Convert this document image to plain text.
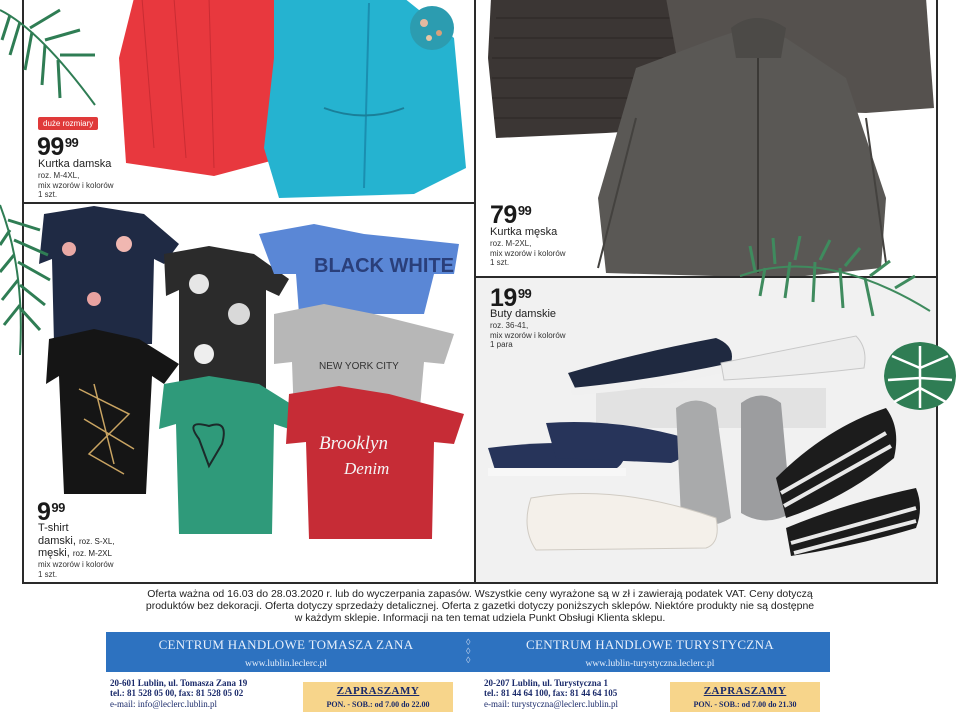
duże rozmiary
$99^{99}$
Kurtka damska
roz. M-4XL,
mix wzorów i kolorów
1 szt.
$79^{99}$
Kurtka męska
roz. M-2XL,
mix wzorów i kolorów
1 szt.
BLACK WHITE
NEW YORK CITY
Brooklyn
Denim
$9^{99}$
T-shirt
damski, roz. S-XL,
męski, roz. M-2XL
mix wzorów i kolorów
1 szt.
$19^{99}$
Buty damskie
roz. 36-41,
mix wzorów i kolorów
1 para
Oferta ważna od 16.03 do 28.03.2020 r. lub do wyczerpania zapasów. Wszystkie ceny wyrażone są w zł i zawierają podatek VAT. Ceny dotyczą
produktów bez dekoracji. Oferta dotyczy sprzedaży detalicznej. Oferta z gazetki dotyczy poniższych sklepów. Niektóre produkty nie są dostępne
w każdym sklepie. Informacji na ten temat udziela Punkt Obsługi Klienta sklepu.
CENTRUM HANDLOWE TOMASZA ZANA
www.lublin.leclerc.pl
◊
◊
◊
CENTRUM HANDLOWE TURYSTYCZNA
www.lublin-turystyczna.leclerc.pl
20-601 Lublin, ul. Tomasza Zana 19
tel.: 81 528 05 00, fax: 81 528 05 02
e-mail: info@leclerc.lublin.pl
ZAPRASZAMY
PON. - SOB.: od 7.00 do 22.00
20-207 Lublin, ul. Turystyczna 1
tel.: 81 44 64 100, fax: 81 44 64 105
e-mail: turystyczna@leclerc.lublin.pl
ZAPRASZAMY
PON. - SOB.: od 7.00 do 21.30
